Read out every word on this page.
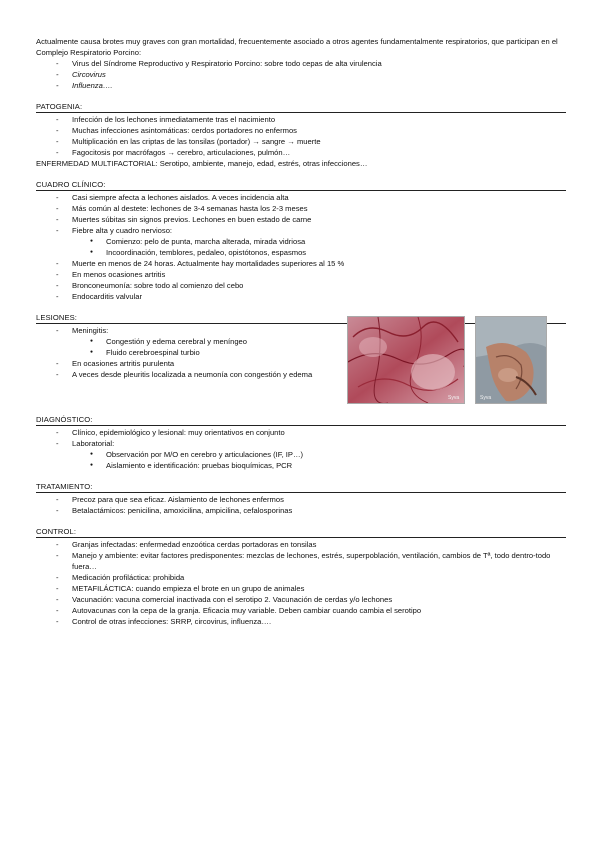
Actualmente causa brotes muy graves con gran mortalidad, frecuentemente asociado a otros agentes fundamentalmente respiratorios, que participan en el Complejo Respiratorio Porcino:

- Virus del Síndrome Reproductivo y Respiratorio Porcino: sobre todo cepas de alta virulencia
- Circovirus
- Influenza….
PATOGENIA:
- Infección de los lechones inmediatamente tras el nacimiento
- Muchas infecciones asintomáticas: cerdos portadores no enfermos
- Multiplicación en las criptas de las tonsilas (portador) → sangre → muerte
- Fagocitosis por macrófagos → cerebro, articulaciones, pulmón…

ENFERMEDAD MULTIFACTORIAL: Serotipo, ambiente, manejo, edad, estrés, otras infecciones…

CUADRO CLÍNICO:
- Casi siempre afecta a lechones aislados. A veces incidencia alta
- Más común al destete: lechones de 3-4 semanas hasta los 2-3 meses
- Muertes súbitas sin signos previos. Lechones en buen estado de carne
- Fiebre alta y cuadro nervioso:
● Comienzo: pelo de punta, marcha alterada, mirada vidriosa
● Incoordinación, temblores, pedaleo, opistótonos, espasmos
- Muerte en menos de 24 horas. Actualmente hay mortalidades superiores al 15 %
- En menos ocasiones artritis
- Bronconeumonía: sobre todo al comienzo del cebo
- Endocarditis valvular
LESIONES:
- Meningitis:
● Congestión y edema cerebral y meníngeo
● Fluido cerebroespinal turbio
- En ocasiones artritis purulenta
- A veces desde pleuritis localizada a neumonía con congestión y edema
Syva	Syva
DIAGNÓSTICO:
- Clínico, epidemiológico y lesional: muy orientativos en conjunto
- Laboratorial:
● Observación por M/O en cerebro y articulaciones (IF, IP…)
● Aislamiento e identificación: pruebas bioquímicas, PCR
TRATAMIENTO:
- Precoz para que sea eficaz. Aislamiento de lechones enfermos
- Betalactámicos: penicilina, amoxicilina, ampicilina, cefalosporinas
CONTROL:
- Granjas infectadas: enfermedad enzoótica cerdas portadoras en tonsilas
- Manejo y ambiente: evitar factores predisponentes: mezclas de lechones, estrés, superpoblación, ventilación, cambios de Tª, todo dentro-todo fuera…
- Medicación profiláctica: prohibida
- METAFILÁCTICA: cuando empieza el brote en un grupo de animales
- Vacunación: vacuna comercial inactivada con el serotipo 2. Vacunación de cerdas y/o lechones
- Autovacunas con la cepa de la granja. Eficacia muy variable. Deben cambiar cuando cambia el serotipo
- Control de otras infecciones: SRRP, circovirus, influenza….
